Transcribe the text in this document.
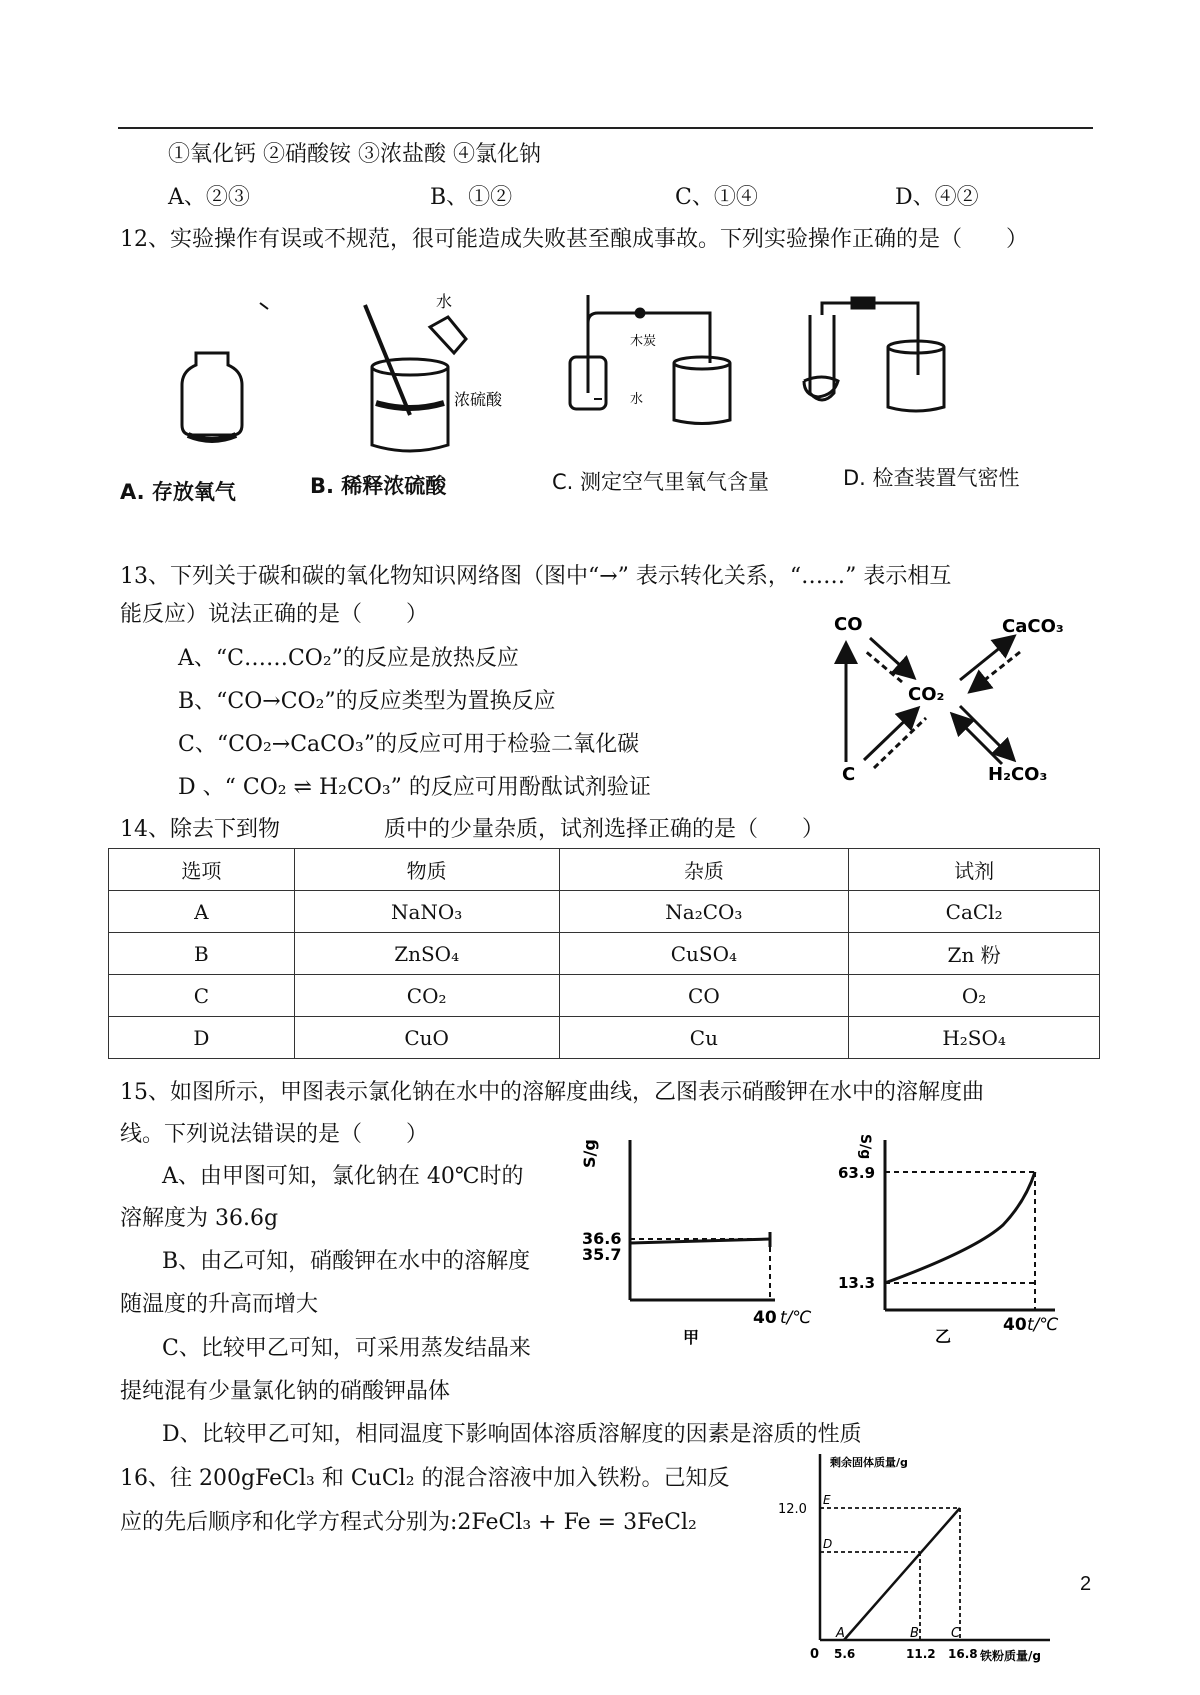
①氧化钙 ②硝酸铵 ③浓盐酸 ④氯化钠
A、②③	B、①②	C、①④	D、④②
12、实验操作有误或不规范，很可能造成失败甚至酿成事故。下列实验操作正确的是（　　）
水
浓硫酸
木炭
水
A. 存放氧气	B. 稀释浓硫酸	C. 测定空气里氧气含量	D. 检查装置气密性
13、下列关于碳和碳的氧化物知识网络图（图中“→” 表示转化关系，“……” 表示相互
能反应）说法正确的是（　　）
A、“C……CO₂”的反应是放热反应
B、“CO→CO₂”的反应类型为置换反应
C、“CO₂→CaCO₃”的反应可用于检验二氧化碳
D 、“ CO₂ ⇌ H₂CO₃” 的反应可用酚酞试剂验证
CO	CaCO₃
CO₂
C	H₂CO₃
14、除去下到物	质中的少量杂质，试剂选择正确的是（　　）
选项	物质	杂质	试剂
A	NaNO₃	Na₂CO₃	CaCl₂
B	ZnSO₄	CuSO₄	Zn 粉
C	CO₂	CO	O₂
D	CuO	Cu	H₂SO₄
15、如图所示，甲图表示氯化钠在水中的溶解度曲线，乙图表示硝酸钾在水中的溶解度曲
线。下列说法错误的是（　　）
A、由甲图可知，氯化钠在 40℃时的
溶解度为 36.6g
B、由乙可知，硝酸钾在水中的溶解度
随温度的升高而增大
C、比较甲乙可知，可采用蒸发结晶来
提纯混有少量氯化钠的硝酸钾晶体
D、比较甲乙可知，相同温度下影响固体溶质溶解度的因素是溶质的性质
S/g
36.6
35.7
40 t/℃
甲
S/g
63.9
13.3
40 t/℃
乙
16、往 200gFeCl₃ 和 CuCl₂ 的混合溶液中加入铁粉。己知反
应的先后顺序和化学方程式分别为:2FeCl₃ + Fe = 3FeCl₂
剩余固体质量/g
12.0
E
D
0
A	B C
5.6	11.2 16.8 铁粉质量/g
2
